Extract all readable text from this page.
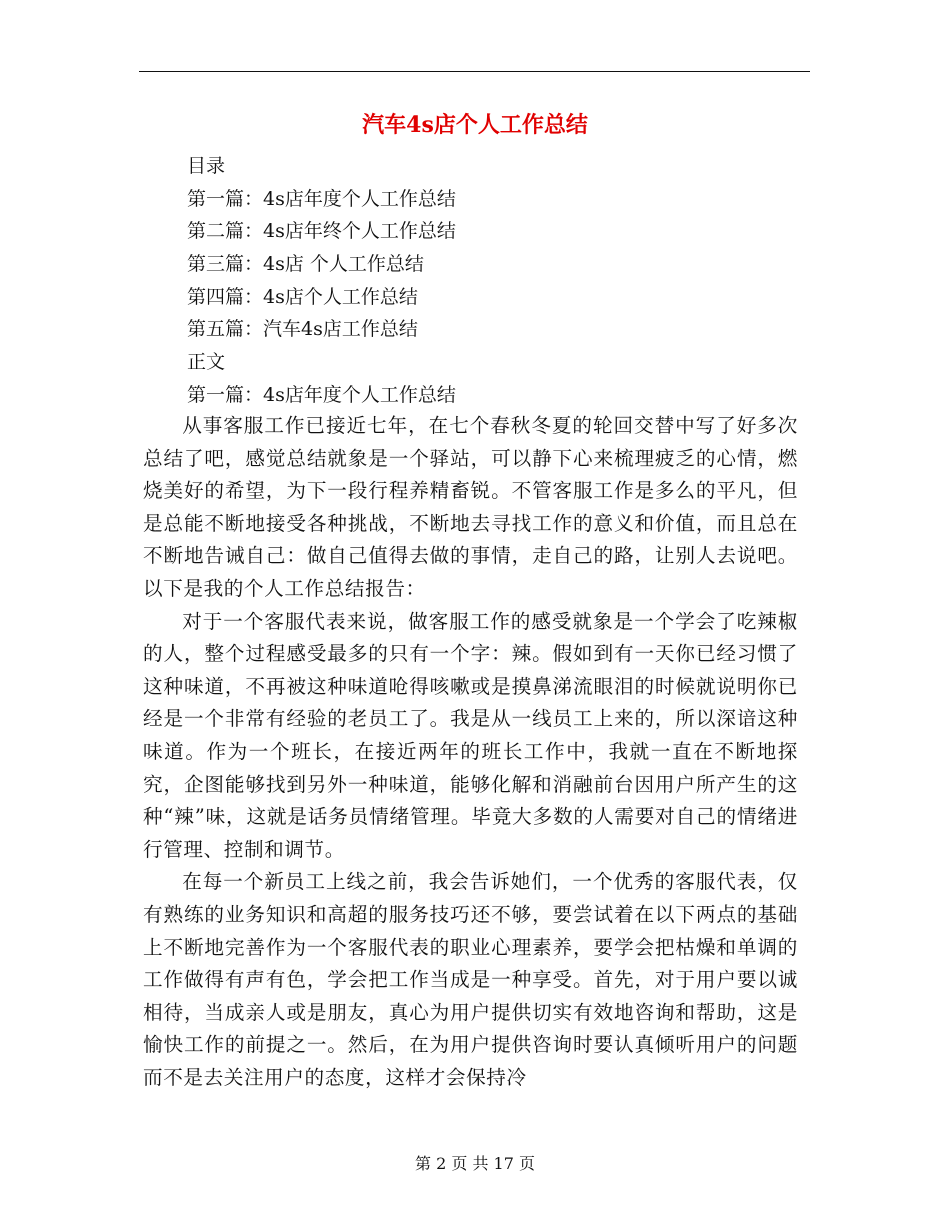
汽车4s店个人工作总结
目录
第一篇：4s店年度个人工作总结
第二篇：4s店年终个人工作总结
第三篇：4s店 个人工作总结
第四篇：4s店个人工作总结
第五篇：汽车4s店工作总结
正文
第一篇：4s店年度个人工作总结

从事客服工作已接近七年，在七个春秋冬夏的轮回交替中写了好多次总结了吧，感觉总结就象是一个驿站，可以静下心来梳理疲乏的心情，燃烧美好的希望，为下一段行程养精畜锐。不管客服工作是多么的平凡，但是总能不断地接受各种挑战，不断地去寻找工作的意义和价值，而且总在不断地告诫自己：做自己值得去做的事情，走自己的路，让别人去说吧。 以下是我的个人工作总结报告：

对于一个客服代表来说，做客服工作的感受就象是一个学会了吃辣椒的人，整个过程感受最多的只有一个字：辣。假如到有一天你已经习惯了这种味道，不再被这种味道呛得咳嗽或是摸鼻涕流眼泪的时候就说明你已经是一个非常有经验的老员工了。我是从一线员工上来的，所以深谙这种味道。作为一个班长，在接近两年的班长工作中，我就一直在不断地探究，企图能够找到另外一种味道，能够化解和消融前台因用户所产生的这种“辣”味，这就是话务员情绪管理。毕竟大多数的人需要对自己的情绪进行管理、控制和调节。

在每一个新员工上线之前，我会告诉她们，一个优秀的客服代表，仅有熟练的业务知识和高超的服务技巧还不够，要尝试着在以下两点的基础上不断地完善作为一个客服代表的职业心理素养，要学会把枯燥和单调的工作做得有声有色，学会把工作当成是一种享受。首先，对于用户要以诚相待，当成亲人或是朋友，真心为用户提供切实有效地咨询和帮助，这是愉快工作的前提之一。然后，在为用户提供咨询时要认真倾听用户的问题而不是去关注用户的态度，这样才会保持冷

第 2 页 共 17 页
